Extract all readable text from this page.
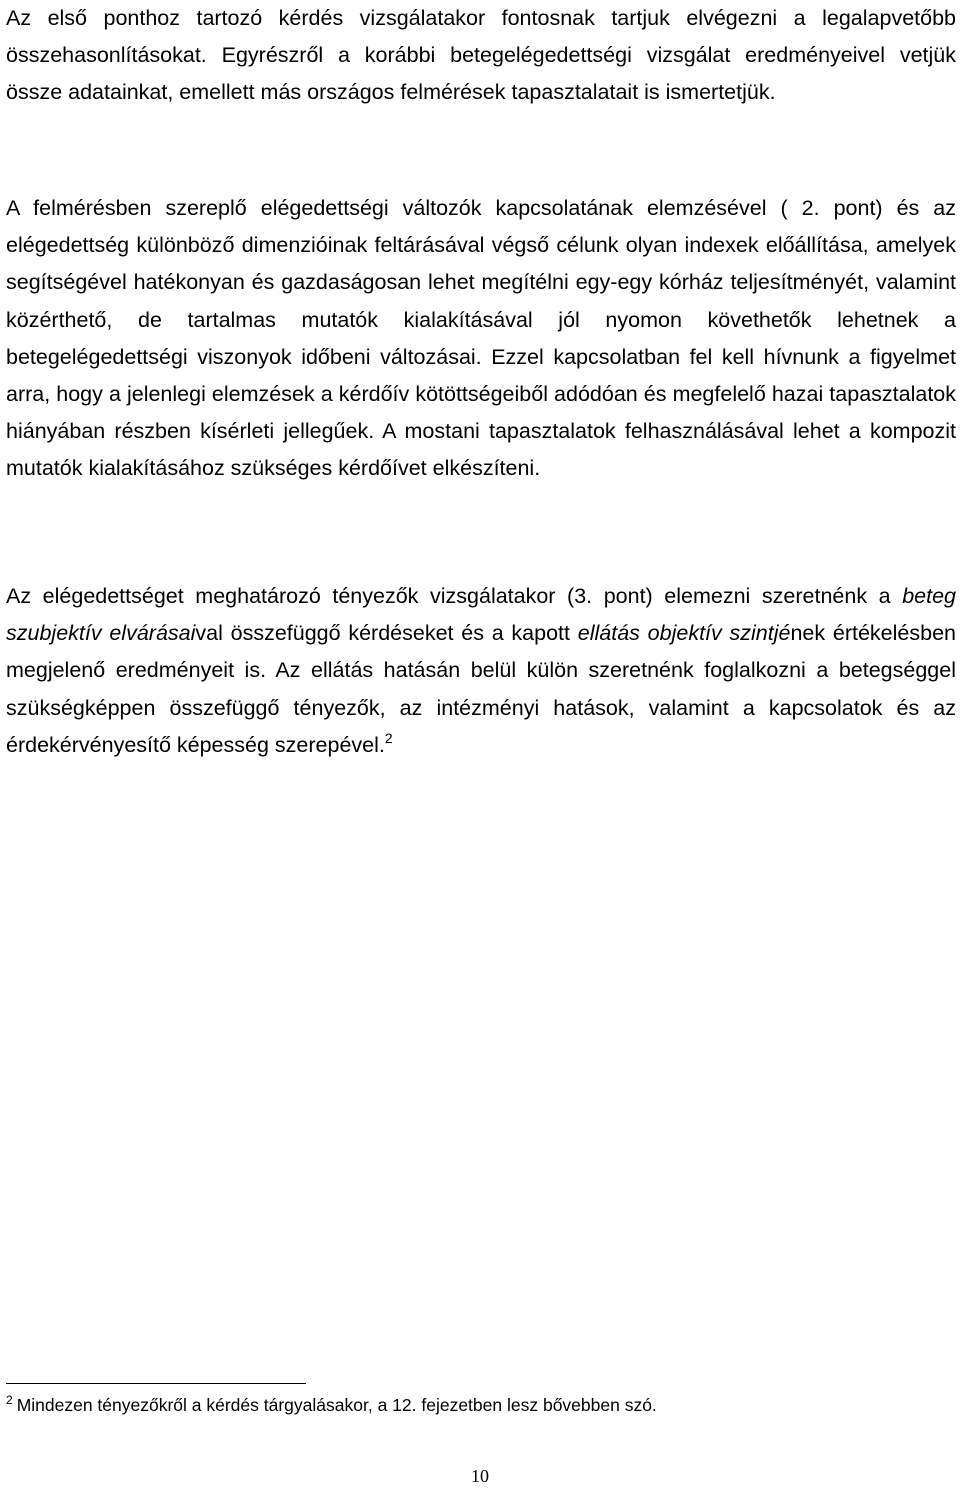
Az első ponthoz tartozó kérdés vizsgálatakor fontosnak tartjuk elvégezni a legalapvetőbb összehasonlításokat. Egyrészről a korábbi betegelégedettségi vizsgálat eredményeivel vetjük össze adatainkat, emellett más országos felmérések tapasztalatait is ismertetjük.

A felmérésben szereplő elégedettségi változók kapcsolatának elemzésével ( 2. pont) és az elégedettség különböző dimenzióinak feltárásával végső célunk olyan indexek előállítása, amelyek segítségével hatékonyan és gazdaságosan lehet megítélni egy-egy kórház teljesítményét, valamint közérthető, de tartalmas mutatók kialakításával jól nyomon követhetők lehetnek a betegelégedettségi viszonyok időbeni változásai. Ezzel kapcsolatban fel kell hívnunk a figyelmet arra, hogy a jelenlegi elemzések a kérdőív kötöttségeiből adódóan és megfelelő hazai tapasztalatok hiányában részben kísérleti jellegűek. A mostani tapasztalatok felhasználásával lehet a kompozit mutatók kialakításához szükséges kérdőívet elkészíteni.

Az elégedettséget meghatározó tényezők vizsgálatakor (3. pont) elemezni szeretnénk a beteg szubjektív elvárásaival összefüggő kérdéseket és a kapott ellátás objektív szintjének értékelésben megjelenő eredményeit is. Az ellátás hatásán belül külön szeretnénk foglalkozni a betegséggel szükségképpen összefüggő tényezők, az intézményi hatások, valamint a kapcsolatok és az érdekérvényesítő képesség szerepével.$^2$

$^2$ Mindezen tényezőkről a kérdés tárgyalásakor, a 12. fejezetben lesz bővebben szó.
10
